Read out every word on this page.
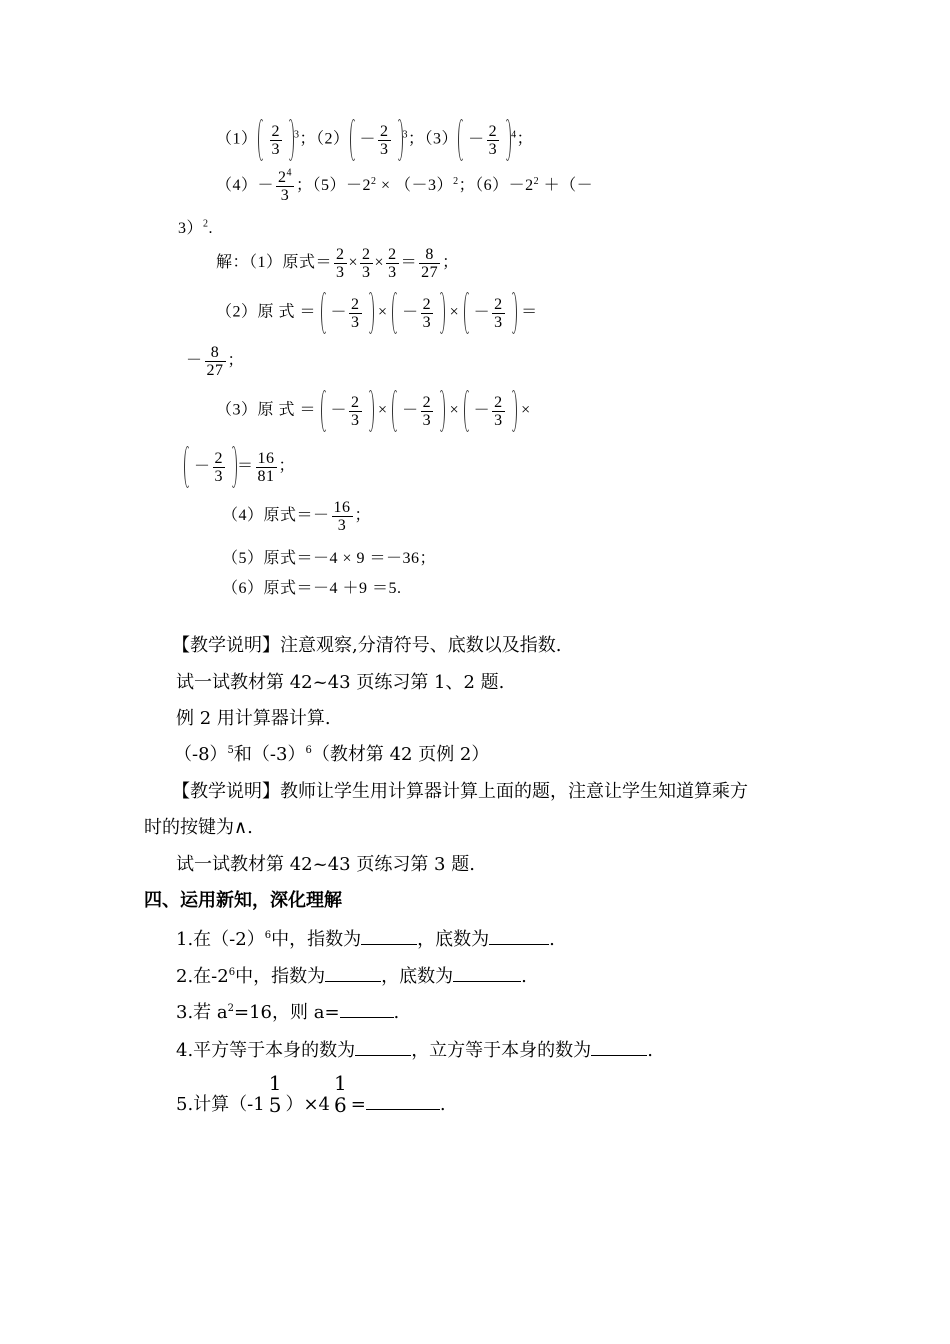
$(1) \frac{2}{3} ^3$；$(2) - \frac{2}{3} ^3$；$(3) - \frac{2}{3} ^4$；
$(4)- \frac{2^4}{3}$ ；$(5)-2^2 \times (-3)^2$；$(6)-2^2$ ＋（－
3）$^2$.
解：（1）原式＝ $\frac{2}{3} \times \frac{2}{3} \times \frac{2}{3} = \frac{8}{27}$ ；
（2）原 式 ＝ － $\frac{2}{3}$ × － $\frac{2}{3}$ × － $\frac{2}{3}$ ＝
－ $\frac{8}{27}$ ；
（3）原 式 ＝ － $\frac{2}{3}$ × － $\frac{2}{3}$ × － $\frac{2}{3}$ ×
－ $\frac{2}{3} = \frac{16}{81}$ ；
（4）原式＝－ $\frac{16}{3}$ ；
（5）原式＝－4 × 9 ＝－36；
（6）原式＝－4 ＋9 ＝5.
【教学说明】注意观察,分清符号、底数以及指数.
试一试教材第 42~43 页练习第 1、2 题.
例 2 用计算器计算.
$(-8)^5$和$(-3)^6$（教材第 42 页例 2）
【教学说明】教师让学生用计算器计算上面的题，注意让学生知道算乘方
时的按键为∧.
试一试教材第 42~43 页练习第 3 题.
四、运用新知，深化理解
1.在$(-2)^6$中，指数为	，底数为	.
2.在$-2^6$中，指数为	，底数为	.
3.若 $a^2=16$，则 a=	.
4.平方等于本身的数为	，立方等于本身的数为	.
5.计算（-1
1
5 ）×4
1
6 =	.
